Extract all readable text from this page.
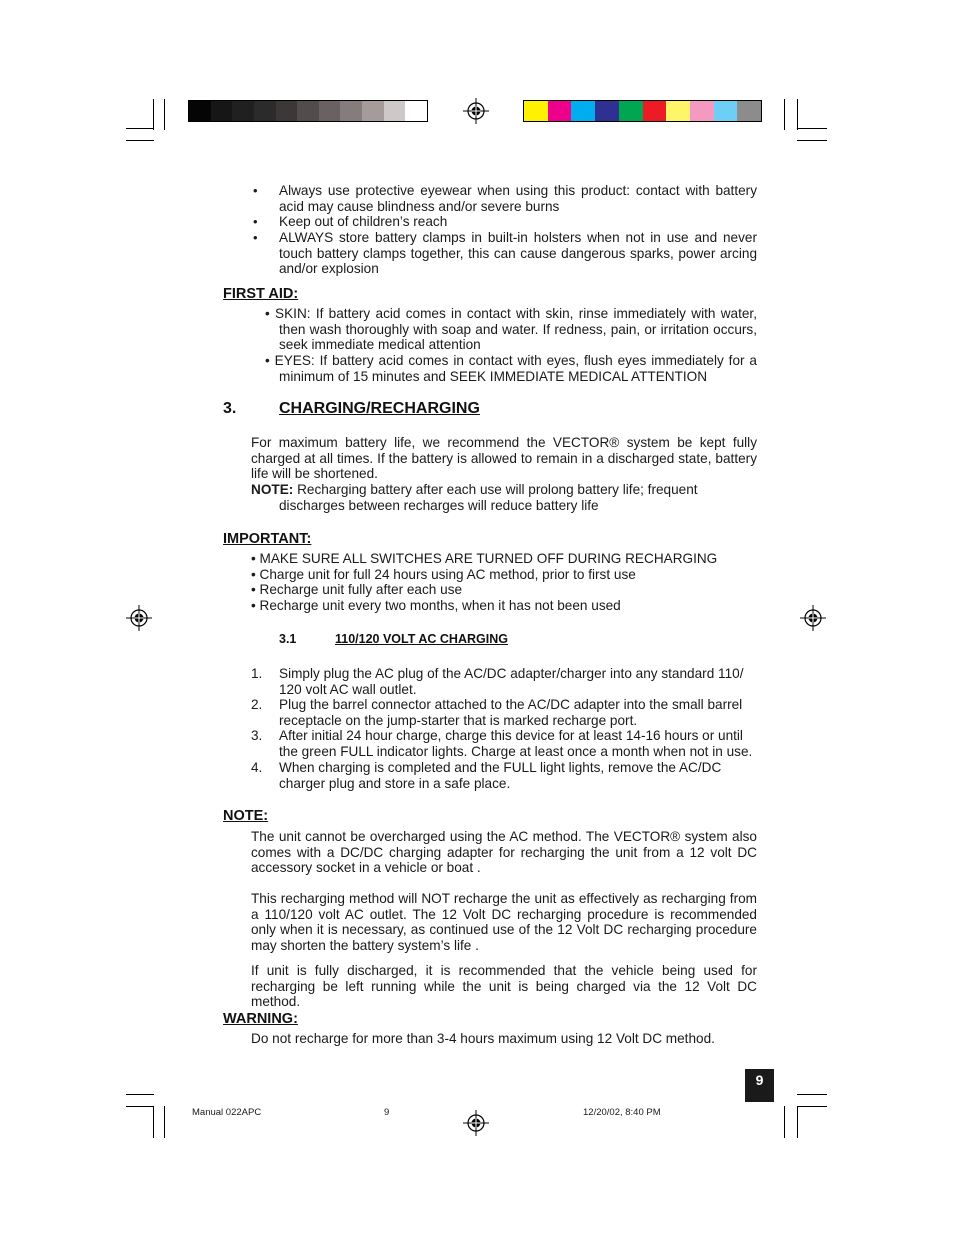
• Always use protective eyewear when using this product: contact with battery acid may cause blindness and/or severe burns
• Keep out of children’s reach
• ALWAYS store battery clamps in built-in holsters when not in use and never touch battery clamps together, this can cause dangerous sparks, power arcing and/or explosion
FIRST AID:
• SKIN: If battery acid comes in contact with skin, rinse immediately with water, then wash thoroughly with soap and water. If redness, pain, or irritation occurs, seek immediate medical attention
• EYES: If battery acid comes in contact with eyes, flush eyes immediately for a minimum of 15 minutes and SEEK IMMEDIATE MEDICAL ATTENTION
3.	CHARGING/RECHARGING
For maximum battery life, we recommend the VECTOR® system be kept fully charged at all times. If the battery is allowed to remain in a discharged state, battery life will be shortened.
NOTE: Recharging battery after each use will prolong battery life; frequent discharges between recharges will reduce battery life
IMPORTANT:
• MAKE SURE ALL SWITCHES ARE TURNED OFF DURING RECHARGING
• Charge unit for full 24 hours using AC method, prior to first use
• Recharge unit fully after each use
• Recharge unit every two months, when it has not been used
3.1	110/120 VOLT AC CHARGING
1. Simply plug the AC plug of the AC/DC adapter/charger into any standard 110/ 120 volt AC wall outlet.
2. Plug the barrel connector attached to the AC/DC adapter into the small barrel receptacle on the jump-starter that is marked recharge port.
3. After initial 24 hour charge, charge this device for at least 14-16 hours or until the green FULL indicator lights. Charge at least once a month when not in use.
4. When charging is completed and the FULL light lights, remove the AC/DC charger plug and store in a safe place.
NOTE:
The unit cannot be overcharged using the AC method. The VECTOR® system also comes with a DC/DC charging adapter for recharging the unit from a 12 volt DC accessory socket in a vehicle or boat .
This recharging method will NOT recharge the unit as effectively as recharging from a 110/120 volt AC outlet. The 12 Volt DC recharging procedure is recommended only when it is necessary, as continued use of the 12 Volt DC recharging procedure may shorten the battery system’s life .
If unit is fully discharged, it is recommended that the vehicle being used for recharging be left running while the unit is being charged via the 12 Volt DC method.
WARNING:
Do not recharge for more than 3-4 hours maximum using 12 Volt DC method.
9
Manual 022APC	9	12/20/02, 8:40 PM
